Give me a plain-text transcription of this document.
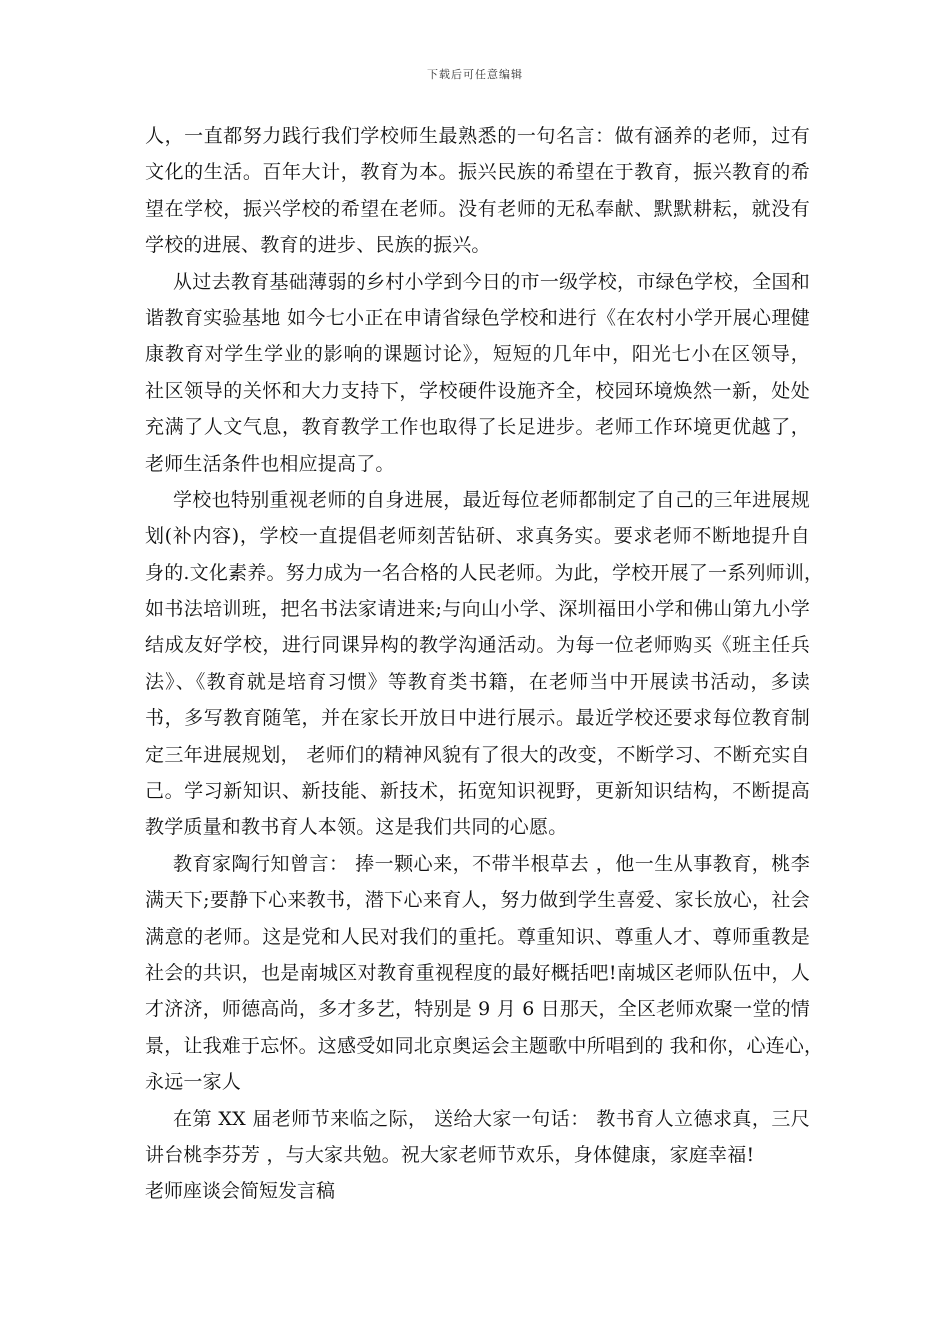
下载后可任意编辑
人，一直都努力践行我们学校师生最熟悉的一句名言：做有涵养的老师，过有
文化的生活。百年大计，教育为本。振兴民族的希望在于教育，振兴教育的希
望在学校，振兴学校的希望在老师。没有老师的无私奉献、默默耕耘，就没有
学校的进展、教育的进步、民族的振兴。
从过去教育基础薄弱的乡村小学到今日的市一级学校，市绿色学校，全国和
谐教育实验基地 如今七小正在申请省绿色学校和进行《在农村小学开展心理健
康教育对学生学业的影响的课题讨论》，短短的几年中，阳光七小在区领导，
社区领导的关怀和大力支持下，学校硬件设施齐全，校园环境焕然一新，处处
充满了人文气息，教育教学工作也取得了长足进步。老师工作环境更优越了，
老师生活条件也相应提高了。
学校也特别重视老师的自身进展，最近每位老师都制定了自己的三年进展规
划(补内容)，学校一直提倡老师刻苦钻研、求真务实。要求老师不断地提升自
身的.文化素养。努力成为一名合格的人民老师。为此，学校开展了一系列师训，
如书法培训班，把名书法家请进来;与向山小学、深圳福田小学和佛山第九小学
结成友好学校，进行同课异构的教学沟通活动。为每一位老师购买《班主任兵
法》、《教育就是培育习惯》等教育类书籍，在老师当中开展读书活动，多读
书，多写教育随笔，并在家长开放日中进行展示。最近学校还要求每位教育制
定三年进展规划， 老师们的精神风貌有了很大的改变，不断学习、不断充实自
己。学习新知识、新技能、新技术，拓宽知识视野，更新知识结构，不断提高
教学质量和教书育人本领。这是我们共同的心愿。
教育家陶行知曾言： 捧一颗心来，不带半根草去 ，他一生从事教育，桃李
满天下;要静下心来教书，潜下心来育人，努力做到学生喜爱、家长放心，社会
满意的老师。这是党和人民对我们的重托。尊重知识、尊重人才、尊师重教是
社会的共识，也是南城区对教育重视程度的最好概括吧!南城区老师队伍中，人
才济济，师德高尚，多才多艺，特别是 9 月 6 日那天，全区老师欢聚一堂的情
景，让我难于忘怀。这感受如同北京奥运会主题歌中所唱到的 我和你，心连心，
永远一家人
在第 XX 届老师节来临之际， 送给大家一句话： 教书育人立德求真，三尺
讲台桃李芬芳 ，与大家共勉。祝大家老师节欢乐，身体健康，家庭幸福!
老师座谈会简短发言稿
